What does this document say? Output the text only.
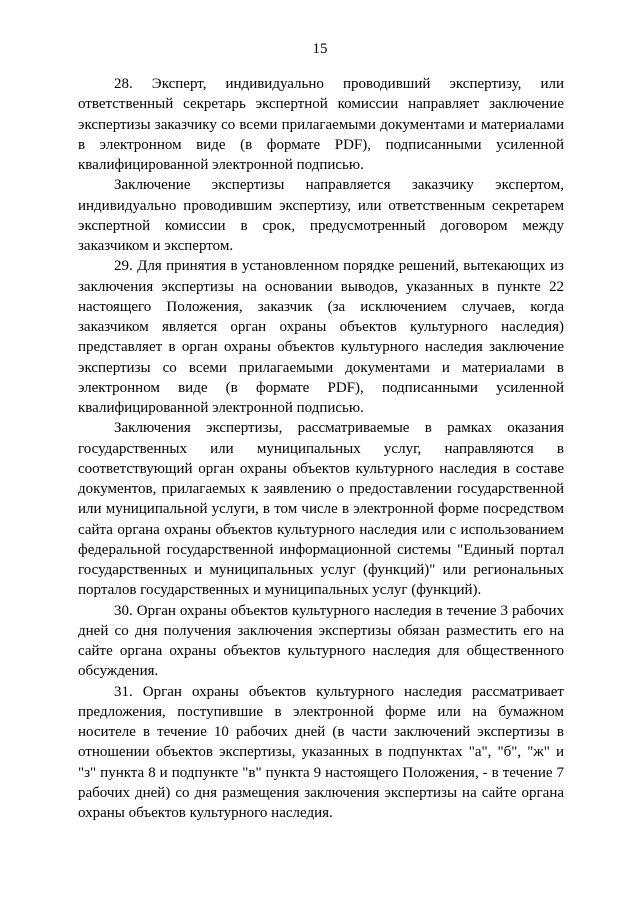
15

28. Эксперт, индивидуально проводивший экспертизу, или ответственный секретарь экспертной комиссии направляет заключение экспертизы заказчику со всеми прилагаемыми документами и материалами в электронном виде (в формате PDF), подписанными усиленной квалифицированной электронной подписью.

Заключение экспертизы направляется заказчику экспертом, индивидуально проводившим экспертизу, или ответственным секретарем экспертной комиссии в срок, предусмотренный договором между заказчиком и экспертом.

29. Для принятия в установленном порядке решений, вытекающих из заключения экспертизы на основании выводов, указанных в пункте 22 настоящего Положения, заказчик (за исключением случаев, когда заказчиком является орган охраны объектов культурного наследия) представляет в орган охраны объектов культурного наследия заключение экспертизы со всеми прилагаемыми документами и материалами в электронном виде (в формате PDF), подписанными усиленной квалифицированной электронной подписью.

Заключения экспертизы, рассматриваемые в рамках оказания государственных или муниципальных услуг, направляются в соответствующий орган охраны объектов культурного наследия в составе документов, прилагаемых к заявлению о предоставлении государственной или муниципальной услуги, в том числе в электронной форме посредством сайта органа охраны объектов культурного наследия или с использованием федеральной государственной информационной системы "Единый портал государственных и муниципальных услуг (функций)" или региональных порталов государственных и муниципальных услуг (функций).

30. Орган охраны объектов культурного наследия в течение 3 рабочих дней со дня получения заключения экспертизы обязан разместить его на сайте органа охраны объектов культурного наследия для общественного обсуждения.

31. Орган охраны объектов культурного наследия рассматривает предложения, поступившие в электронной форме или на бумажном носителе в течение 10 рабочих дней (в части заключений экспертизы в отношении объектов экспертизы, указанных в подпунктах "а", "б", "ж" и "з" пункта 8 и подпункте "в" пункта 9 настоящего Положения, - в течение 7 рабочих дней) со дня размещения заключения экспертизы на сайте органа охраны объектов культурного наследия.
